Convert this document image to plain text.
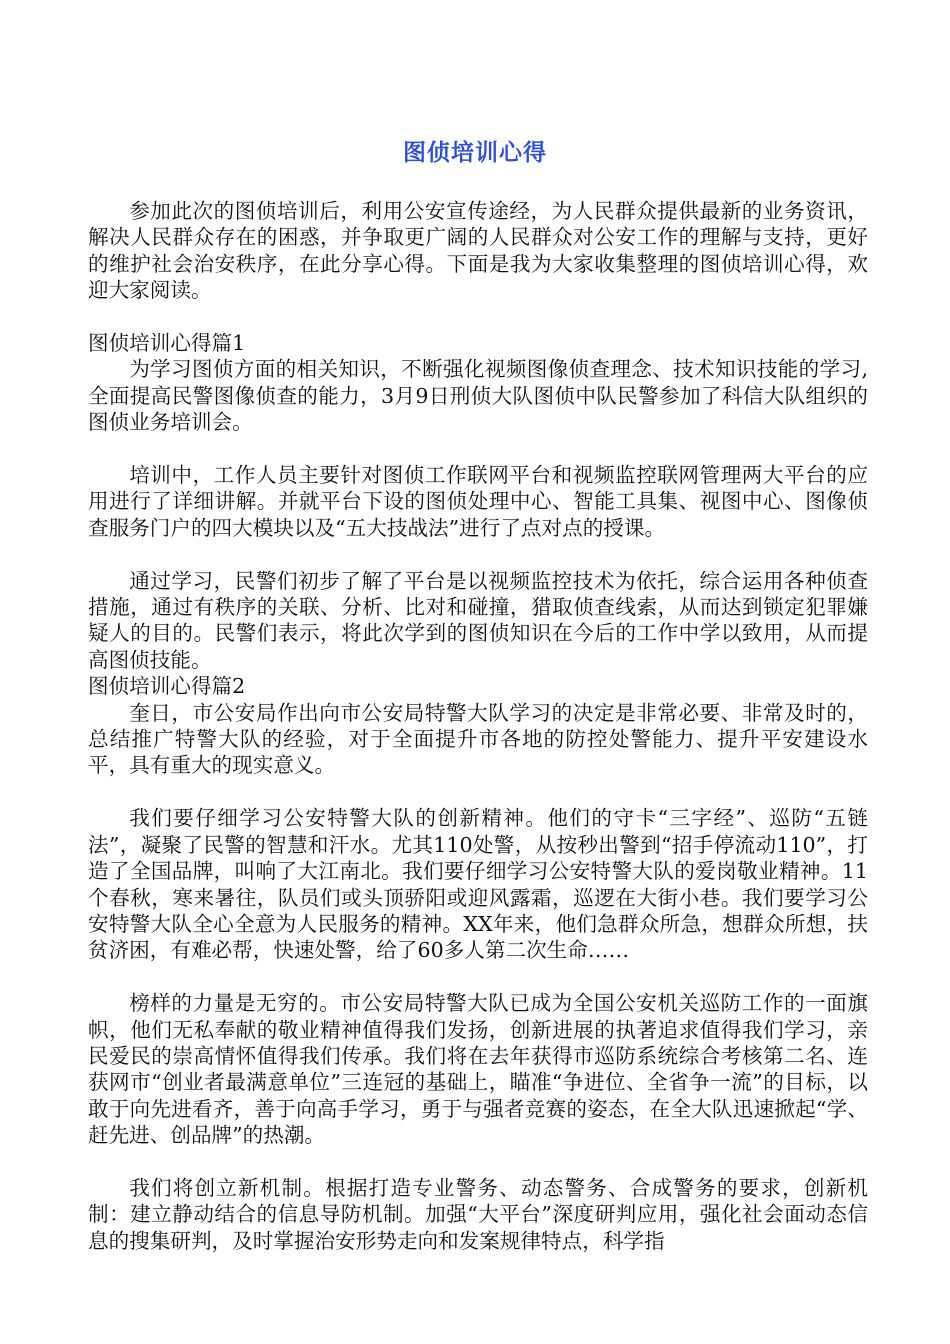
图侦培训心得

参加此次的图侦培训后，利用公安宣传途经，为人民群众提供最新的业务资讯，解决人民群众存在的困惑，并争取更广阔的人民群众对公安工作的理解与支持，更好的维护社会治安秩序，在此分享心得。下面是我为大家收集整理的图侦培训心得，欢迎大家阅读。

图侦培训心得篇1

为学习图侦方面的相关知识，不断强化视频图像侦查理念、技术知识技能的学习,全面提高民警图像侦查的能力，3月9日刑侦大队图侦中队民警参加了科信大队组织的图侦业务培训会。

培训中，工作人员主要针对图侦工作联网平台和视频监控联网管理两大平台的应用进行了详细讲解。并就平台下设的图侦处理中心、智能工具集、视图中心、图像侦查服务门户的四大模块以及“五大技战法”进行了点对点的授课。

通过学习，民警们初步了解了平台是以视频监控技术为依托，综合运用各种侦查措施，通过有秩序的关联、分析、比对和碰撞，猎取侦查线索，从而达到锁定犯罪嫌疑人的目的。民警们表示，将此次学到的图侦知识在今后的工作中学以致用，从而提高图侦技能。

图侦培训心得篇2

奎日，市公安局作出向市公安局特警大队学习的决定是非常必要、非常及时的，总结推广特警大队的经验，对于全面提升市各地的防控处警能力、提升平安建设水平，具有重大的现实意义。

我们要仔细学习公安特警大队的创新精神。他们的守卡“三字经”、巡防“五链法”，凝聚了民警的智慧和汗水。尤其110处警，从按秒出警到“招手停流动110”，打造了全国品牌，叫响了大江南北。我们要仔细学习公安特警大队的爱岗敬业精神。11个春秋，寒来暑往，队员们或头顶骄阳或迎风露霜，巡逻在大街小巷。我们要学习公安特警大队全心全意为人民服务的精神。XX年来，他们急群众所急，想群众所想，扶贫济困，有难必帮，快速处警，给了60多人第二次生命……

榜样的力量是无穷的。市公安局特警大队已成为全国公安机关巡防工作的一面旗帜，他们无私奉献的敬业精神值得我们发扬，创新进展的执著追求值得我们学习，亲民爱民的崇高情怀值得我们传承。我们将在去年获得市巡防系统综合考核第二名、连获网市“创业者最满意单位”三连冠的基础上，瞄准“争进位、全省争一流”的目标，以敢于向先进看齐，善于向高手学习，勇于与强者竞赛的姿态，在全大队迅速掀起“学、赶先进、创品牌”的热潮。

我们将创立新机制。根据打造专业警务、动态警务、合成警务的要求，创新机制：建立静动结合的信息导防机制。加强“大平台”深度研判应用，强化社会面动态信息的搜集研判，及时掌握治安形势走向和发案规律特点，科学指
